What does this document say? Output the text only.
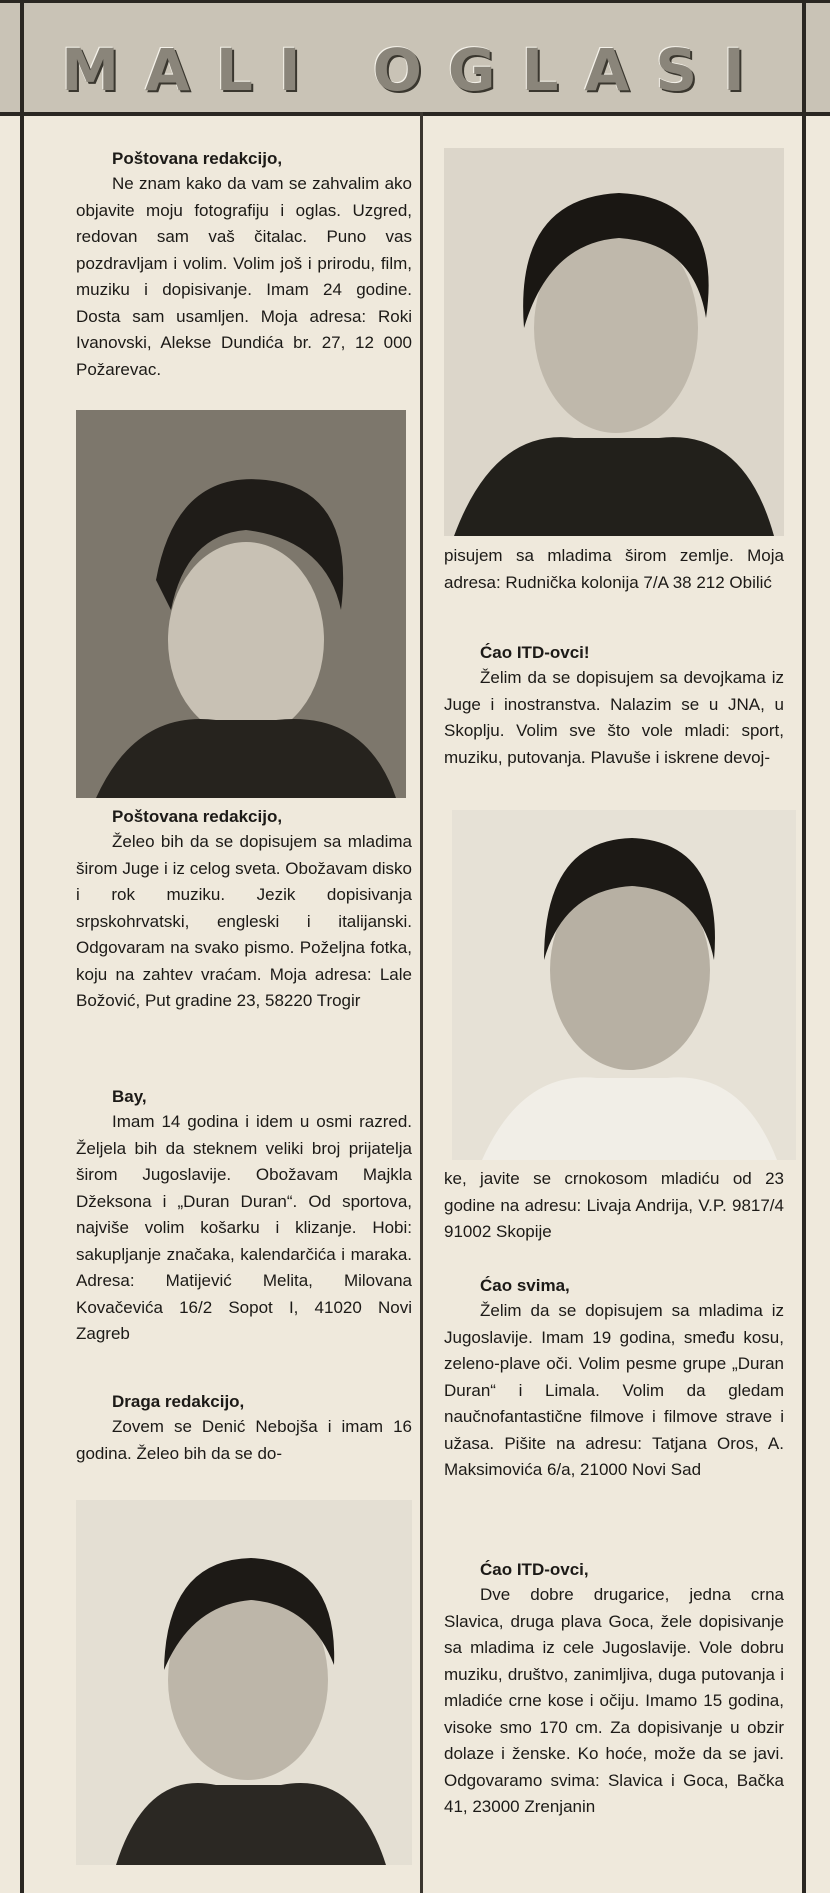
MALI OGLASI

Poštovana redakcijo,

Ne znam kako da vam se zahvalim ako objavite moju fotografiju i oglas. Uzgred, redovan sam vaš čitalac. Puno vas pozdravljam i volim. Volim još i prirodu, film, muziku i dopisivanje. Imam 24 godine. Dosta sam usamljen. Moja adresa: Roki Ivanovski, Alekse Dundića br. 27, 12 000 Požarevac.

Poštovana redakcijo,

Želeo bih da se dopisujem sa mladima širom Juge i iz celog sveta. Obožavam disko i rok muziku. Jezik dopisivanja srpskohrvatski, engleski i italijanski. Odgovaram na svako pismo. Poželjna fotka, koju na zahtev vraćam. Moja adresa: Lale Božović, Put gradine 23, 58220 Trogir

Bay,

Imam 14 godina i idem u osmi razred. Željela bih da steknem veliki broj prijatelja širom Jugoslavije. Obožavam Majkla Džeksona i „Duran Duran“. Od sportova, najviše volim košarku i klizanje. Hobi: sakupljanje značaka, kalendarčića i maraka. Adresa: Matijević Melita, Milovana Kovačevića 16/2 Sopot I, 41020 Novi Zagreb

Draga redakcijo,

Zovem se Denić Nebojša i imam 16 godina. Želeo bih da se do-

pisujem sa mladima širom zemlje. Moja adresa: Rudnička kolonija 7/A 38 212 Obilić

Ćao ITD-ovci!

Želim da se dopisujem sa devojkama iz Juge i inostranstva. Nalazim se u JNA, u Skoplju. Volim sve što vole mladi: sport, muziku, putovanja. Plavuše i iskrene devoj-

ke, javite se crnokosom mladiću od 23 godine na adresu: Livaja Andrija, V.P. 9817/4 91002 Skopije

Ćao svima,

Želim da se dopisujem sa mladima iz Jugoslavije. Imam 19 godina, smeđu kosu, zeleno-plave oči. Volim pesme grupe „Duran Duran“ i Limala. Volim da gledam naučnofantastične filmove i filmove strave i užasa. Pišite na adresu: Tatjana Oros, A. Maksimovića 6/a, 21000 Novi Sad

Ćao ITD-ovci,

Dve dobre drugarice, jedna crna Slavica, druga plava Goca, žele dopisivanje sa mladima iz cele Jugoslavije. Vole dobru muziku, društvo, zanimljiva, duga putovanja i mladiće crne kose i očiju. Imamo 15 godina, visoke smo 170 cm. Za dopisivanje u obzir dolaze i ženske. Ko hoće, može da se javi. Odgovaramo svima: Slavica i Goca, Bačka 41, 23000 Zrenjanin
